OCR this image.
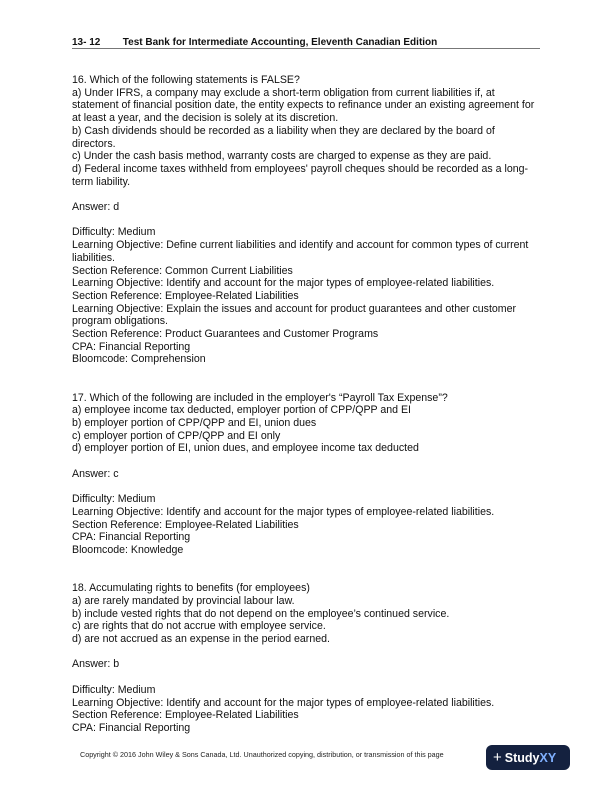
13- 12 Test Bank for Intermediate Accounting, Eleventh Canadian Edition

16. Which of the following statements is FALSE?

a) Under IFRS, a company may exclude a short-term obligation from current liabilities if, at statement of financial position date, the entity expects to refinance under an existing agreement for at least a year, and the decision is solely at its discretion.

b) Cash dividends should be recorded as a liability when they are declared by the board of directors.

c) Under the cash basis method, warranty costs are charged to expense as they are paid.

d) Federal income taxes withheld from employees' payroll cheques should be recorded as a long-term liability.

Answer: d

Difficulty: Medium

Learning Objective: Define current liabilities and identify and account for common types of current liabilities.

Section Reference: Common Current Liabilities

Learning Objective: Identify and account for the major types of employee-related liabilities.

Section Reference: Employee-Related Liabilities

Learning Objective: Explain the issues and account for product guarantees and other customer program obligations.

Section Reference: Product Guarantees and Customer Programs

CPA: Financial Reporting

Bloomcode: Comprehension

17. Which of the following are included in the employer's “Payroll Tax Expense”?

a) employee income tax deducted, employer portion of CPP/QPP and EI

b) employer portion of CPP/QPP and EI, union dues

c) employer portion of CPP/QPP and EI only

d) employer portion of EI, union dues, and employee income tax deducted

Answer: c

Difficulty: Medium

Learning Objective: Identify and account for the major types of employee-related liabilities.

Section Reference: Employee-Related Liabilities

CPA: Financial Reporting

Bloomcode: Knowledge

18. Accumulating rights to benefits (for employees)

a) are rarely mandated by provincial labour law.

b) include vested rights that do not depend on the employee’s continued service.

c) are rights that do not accrue with employee service.

d) are not accrued as an expense in the period earned.

Answer: b

Difficulty: Medium

Learning Objective: Identify and account for the major types of employee-related liabilities.

Section Reference: Employee-Related Liabilities

CPA: Financial Reporting

Copyright © 2016 John Wiley & Sons Canada, Ltd. Unauthorized copying, distribution, or transmission of this page	+ StudyXY
